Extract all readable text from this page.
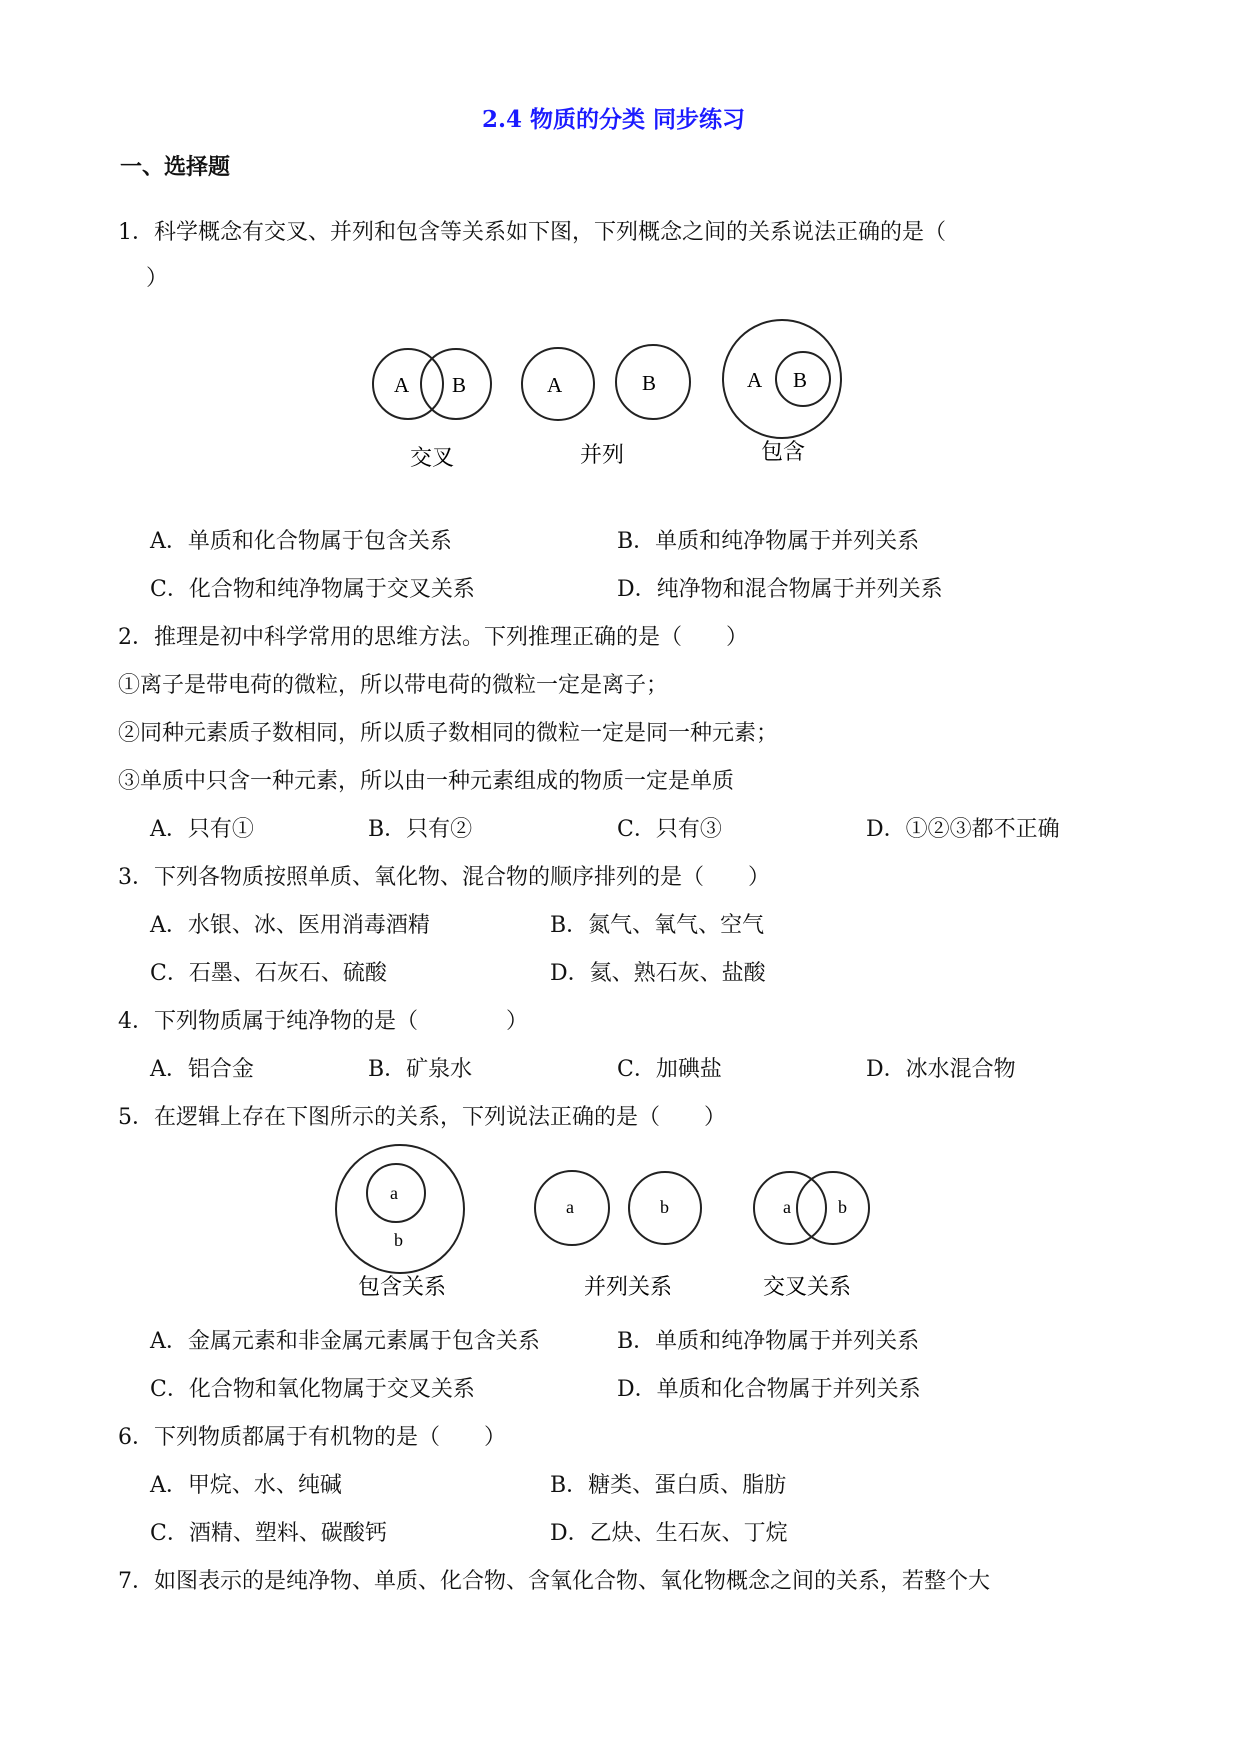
2.4 物质的分类 同步练习
一、选择题
1．科学概念有交叉、并列和包含等关系如下图，下列概念之间的关系说法正确的是（
）
A B
交叉
A	B
并列
A B
包含
A．单质和化合物属于包含关系	B．单质和纯净物属于并列关系
C．化合物和纯净物属于交叉关系	D．纯净物和混合物属于并列关系
2．推理是初中科学常用的思维方法。下列推理正确的是（　　）
①离子是带电荷的微粒，所以带电荷的微粒一定是离子；
②同种元素质子数相同，所以质子数相同的微粒一定是同一种元素；
③单质中只含一种元素，所以由一种元素组成的物质一定是单质
A．只有①	B．只有②	C．只有③	D．①②③都不正确
3．下列各物质按照单质、氧化物、混合物的顺序排列的是（　　）
A．水银、冰、医用消毒酒精	B．氮气、氧气、空气
C．石墨、石灰石、硫酸	D．氦、熟石灰、盐酸
4．下列物质属于纯净物的是（　　　　）
A．铝合金	B．矿泉水	C．加碘盐	D．冰水混合物
5．在逻辑上存在下图所示的关系，下列说法正确的是（　　）
a
b
包含关系
a	b
并列关系
a	b
交叉关系
A．金属元素和非金属元素属于包含关系	B．单质和纯净物属于并列关系
C．化合物和氧化物属于交叉关系	D．单质和化合物属于并列关系
6．下列物质都属于有机物的是（　　）
A．甲烷、水、纯碱	B．糖类、蛋白质、脂肪
C．酒精、塑料、碳酸钙	D．乙炔、生石灰、丁烷
7．如图表示的是纯净物、单质、化合物、含氧化合物、氧化物概念之间的关系，若整个大
